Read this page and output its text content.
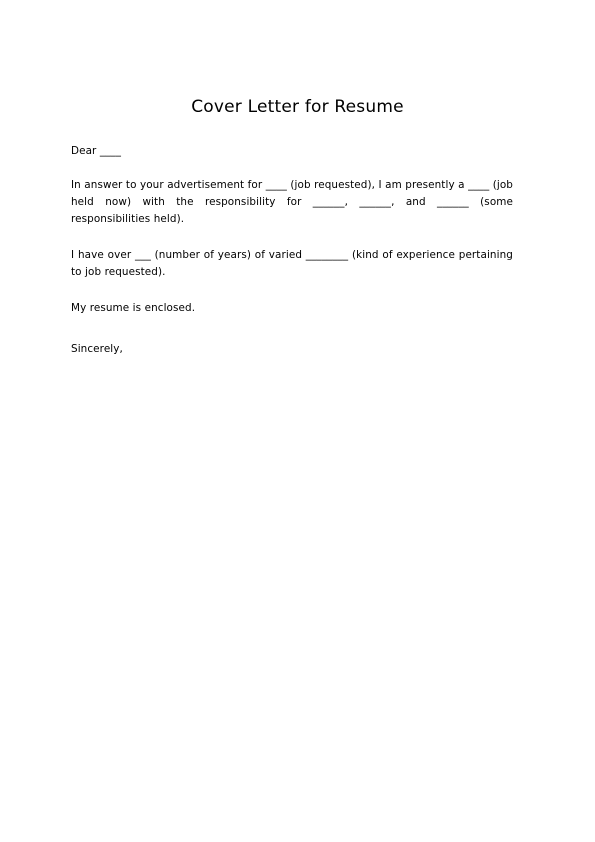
Cover Letter for Resume

Dear ____

In answer to your advertisement for ____ (job requested), I am presently a ____ (job held now) with the responsibility for ______, ______, and ______ (some responsibilities held).

I have over ___ (number of years) of varied ________ (kind of experience pertaining to job requested).

My resume is enclosed.

Sincerely,
